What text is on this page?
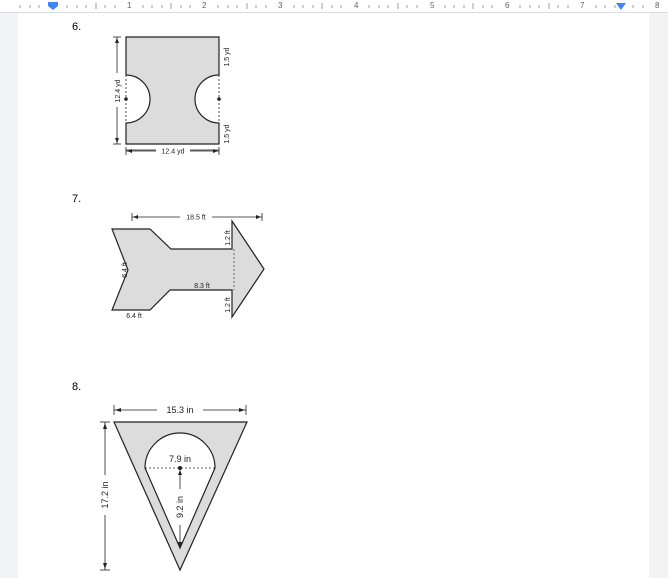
1	2	3	4	5	6	7	8
6.
12.4 yd
12.4 yd
1.5 yd
1.5 yd
7.
18.5 ft
1.2 ft
1.2 ft
8.3 ft
6.4 ft
6.4 ft
8.
15.3 in
7.9 in
9.2 in
17.2 in
